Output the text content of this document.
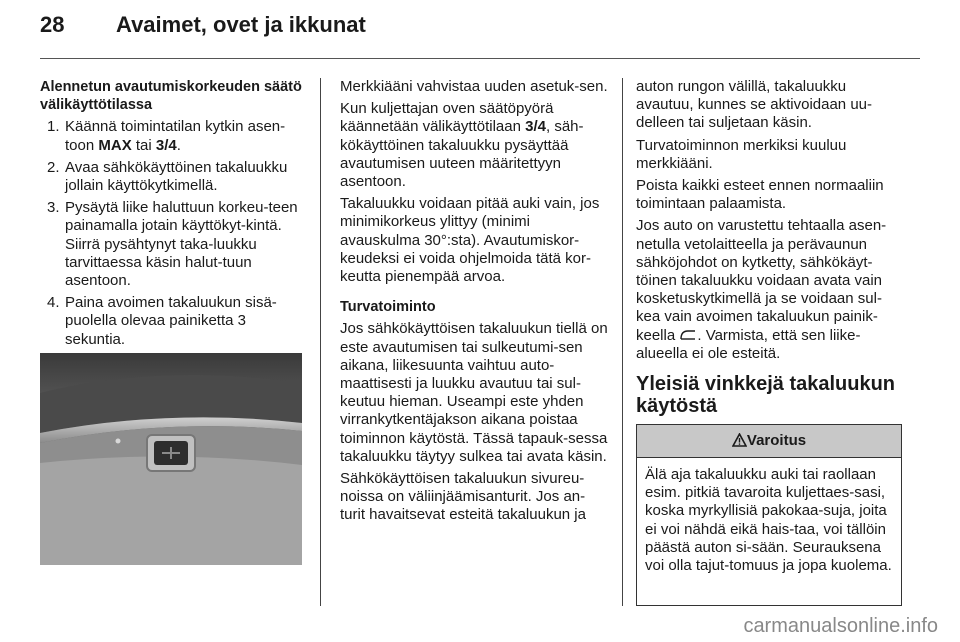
28 Avaimet, ovet ja ikkunat

Alennetun avautumiskorkeuden säätö välikäyttötilassa

1. Käännä toimintatilan kytkin asen-toon MAX tai 3/4.
2. Avaa sähkökäyttöinen takaluukku jollain käyttökytkimellä.
3. Pysäytä liike haluttuun korkeu-teen painamalla jotain käyttökyt-kintä. Siirrä pysähtynyt taka-luukku tarvittaessa käsin halut-tuun asentoon.
4. Paina avoimen takaluukun sisä-puolella olevaa painiketta 3 sekuntia.

Merkkiääni vahvistaa uuden asetuk-sen.

Kun kuljettajan oven säätöpyörä käännetään välikäyttötilaan 3/4, säh-kökäyttöinen takaluukku pysäyttää avautumisen uuteen määritettyyn asentoon.

Takaluukku voidaan pitää auki vain, jos minimikorkeus ylittyy (minimi avauskulma 30°:sta). Avautumiskor-keudeksi ei voida ohjelmoida tätä kor-keutta pienempää arvoa.

Turvatoiminto

Jos sähkökäyttöisen takaluukun tiellä on este avautumisen tai sulkeutumi-sen aikana, liikesuunta vaihtuu auto-maattisesti ja luukku avautuu tai sul-keutuu hieman. Useampi este yhden virrankytkentäjakson aikana poistaa toiminnon käytöstä. Tässä tapauk-sessa takaluukku täytyy sulkea tai avata käsin.

Sähkökäyttöisen takaluukun sivureu-noissa on väliinjäämisanturit. Jos an-turit havaitsevat esteitä takaluukun ja

auton rungon välillä, takaluukku avautuu, kunnes se aktivoidaan uu-delleen tai suljetaan käsin.

Turvatoiminnon merkiksi kuuluu merkkiääni.

Poista kaikki esteet ennen normaaliin toimintaan palaamista.

Jos auto on varustettu tehtaalla asen-netulla vetolaitteella ja perävaunun sähköjohdot on kytketty, sähkökäyt-töinen takaluukku voidaan avata vain kosketuskytkimellä ja se voidaan sul-kea vain avoimen takaluukun painik-keella . Varmista, että sen liike-alueella ei ole esteitä.

Yleisiä vinkkejä takaluukun käytöstä
Varoitus
Älä aja takaluukku auki tai raollaan esim. pitkiä tavaroita kuljettaes-sasi, koska myrkyllisiä pakokaa-suja, joita ei voi nähdä eikä hais-taa, voi tällöin päästä auton si-sään. Seurauksena voi olla tajut-tomuus ja jopa kuolema.
carmanualsonline.info
